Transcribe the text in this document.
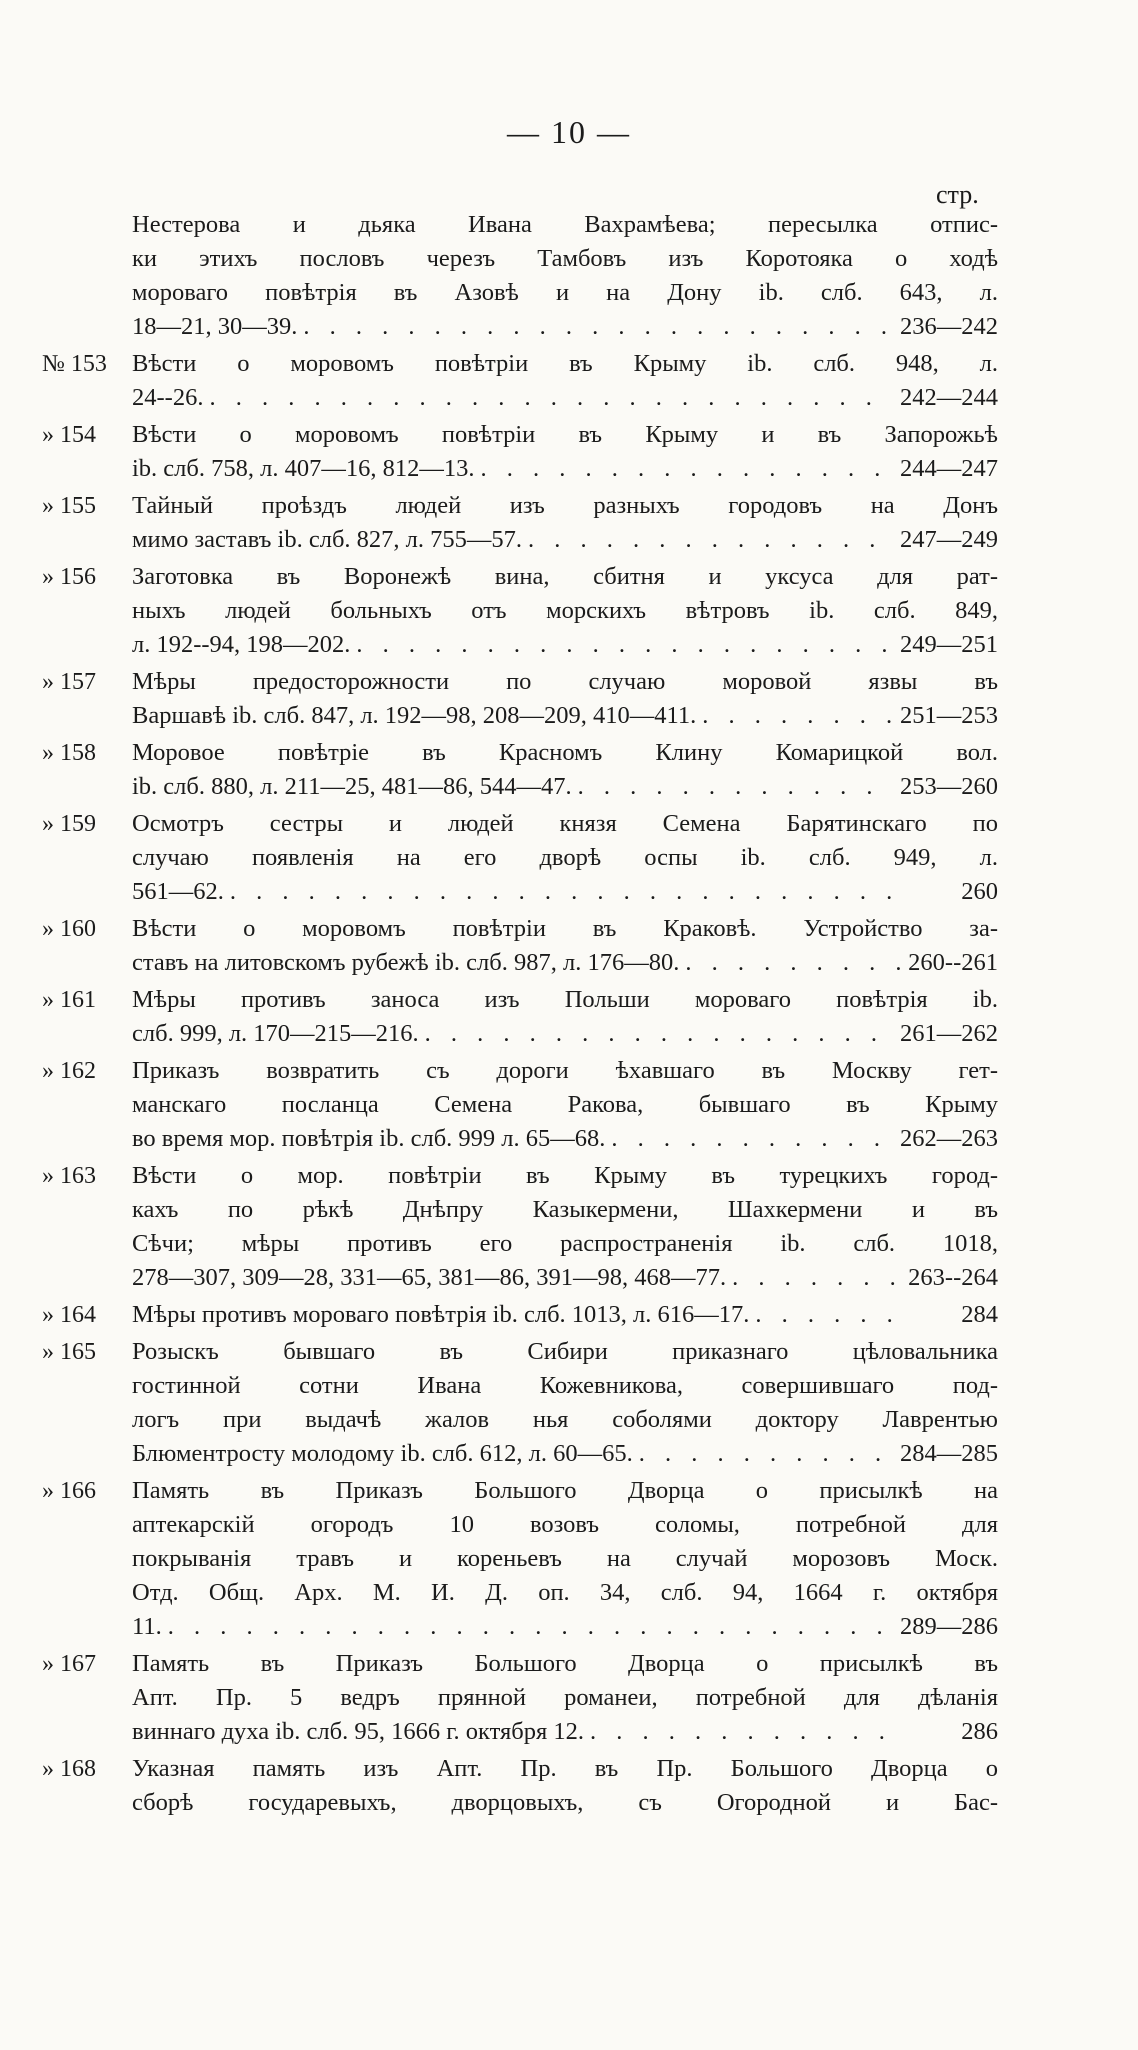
— 10 —
стр.
Нестерова и дьяка Ивана Вахрамѣева; пересылка отпис-
ки этихъ пословъ черезъ Тамбовъ изъ Коротояка о ходѣ
мороваго повѣтрія въ Азовѣ и на Дону ib. слб. 643, л.
18—21, 30—39. . . .	236—242
№ 153	Вѣсти о моровомъ повѣтріи въ Крыму ib. слб. 948, л.
24--26. . . .	242—244
» 154	Вѣсти о моровомъ повѣтріи въ Крыму и въ Запорожьѣ
ib. слб. 758, л. 407—16, 812—13. . . .	244—247
» 155	Тайный проѣздъ людей изъ разныхъ городовъ на Донъ
мимо заставъ ib. слб. 827, л. 755—57. . . .	247—249
» 156	Заготовка въ Воронежѣ вина, сбитня и уксуса для рат-
ныхъ людей больныхъ отъ морскихъ вѣтровъ ib. слб. 849,
л. 192--94, 198—202. . . .	249—251
» 157	Мѣры предосторожности по случаю моровой язвы въ
Варшавѣ ib. слб. 847, л. 192—98, 208—209, 410—411. . . .	251—253
» 158	Моровое повѣтріе въ Красномъ Клину Комарицкой вол.
ib. слб. 880, л. 211—25, 481—86, 544—47. . . .	253—260
» 159	Осмотръ сестры и людей князя Семена Барятинскаго по
случаю появленія на его дворѣ оспы ib. слб. 949, л.
561—62. . . .	260
» 160	Вѣсти о моровомъ повѣтріи въ Краковѣ. Устройство за-
ставъ на литовскомъ рубежѣ ib. слб. 987, л. 176—80. . . .	260--261
» 161	Мѣры противъ заноса изъ Польши мороваго повѣтрія ib.
слб. 999, л. 170—215—216. . . .	261—262
» 162	Приказъ возвратить съ дороги ѣхавшаго въ Москву гет-
манскаго посланца Семена Ракова, бывшаго въ Крыму
во время мор. повѣтрія ib. слб. 999 л. 65—68. . . .	262—263
» 163	Вѣсти о мор. повѣтріи въ Крыму въ турецкихъ город-
кахъ по рѣкѣ Днѣпру Казыкермени, Шахкермени и въ
Сѣчи; мѣры противъ его распространенія ib. слб. 1018,
278—307, 309—28, 331—65, 381—86, 391—98, 468—77. . . .	263--264
» 164	Мѣры противъ мороваго повѣтрія ib. слб. 1013, л. 616—17. . . .	284
» 165	Розыскъ бывшаго въ Сибири приказнаго цѣловальника
гостинной сотни Ивана Кожевникова, совершившаго под-
логъ при выдачѣ жалов нья соболями доктору Лаврентью
Блюментросту молодому ib. слб. 612, л. 60—65. . . .	284—285
» 166	Память въ Приказъ Большого Дворца о присылкѣ на
аптекарскій огородъ 10 возовъ соломы, потребной для
покрыванія травъ и кореньевъ на случай морозовъ Моск.
Отд. Общ. Арх. М. И. Д. оп. 34, слб. 94, 1664 г. октября
11. . . .	289—286
» 167	Память въ Приказъ Большого Дворца о присылкѣ въ
Апт. Пр. 5 ведръ прянной романеи, потребной для дѣланія
виннаго духа ib. слб. 95, 1666 г. октября 12. . . .	286
» 168	Указная память изъ Апт. Пр. въ Пр. Большого Дворца о
сборѣ государевыхъ, дворцовыхъ, съ Огородной и Бас-
